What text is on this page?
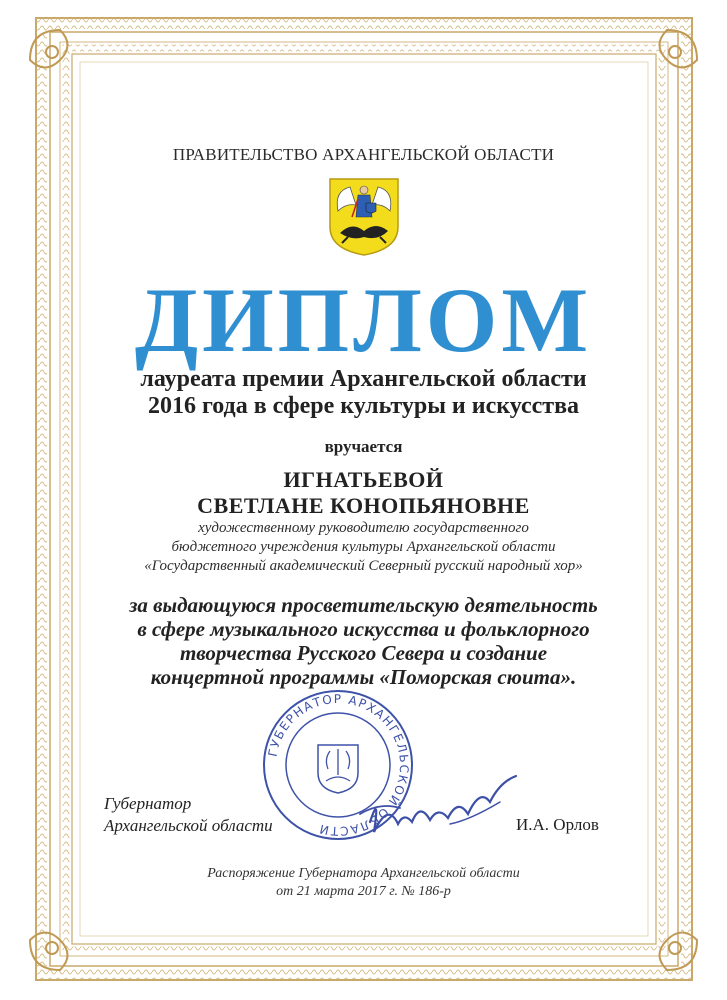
ПРАВИТЕЛЬСТВО АРХАНГЕЛЬСКОЙ ОБЛАСТИ
ДИПЛОМ
лауреата премии Архангельской области
2016 года в сфере культуры и искусства
вручается
ИГНАТЬЕВОЙ
СВЕТЛАНЕ КОНОПЬЯНОВНЕ
художественному руководителю государственного
бюджетного учреждения культуры Архангельской области
«Государственный академический Северный русский народный хор»
за выдающуюся просветительскую деятельность
в сфере музыкального искусства и фольклорного
творчества Русского Севера и создание
концертной программы «Поморская сюита».
ГУБЕРНАТОР АРХАНГЕЛЬСКОЙ ОБЛАСТИ
Губернатор
Архангельской области	И.А. Орлов
Распоряжение Губернатора Архангельской области
от 21 марта 2017 г. № 186-р
